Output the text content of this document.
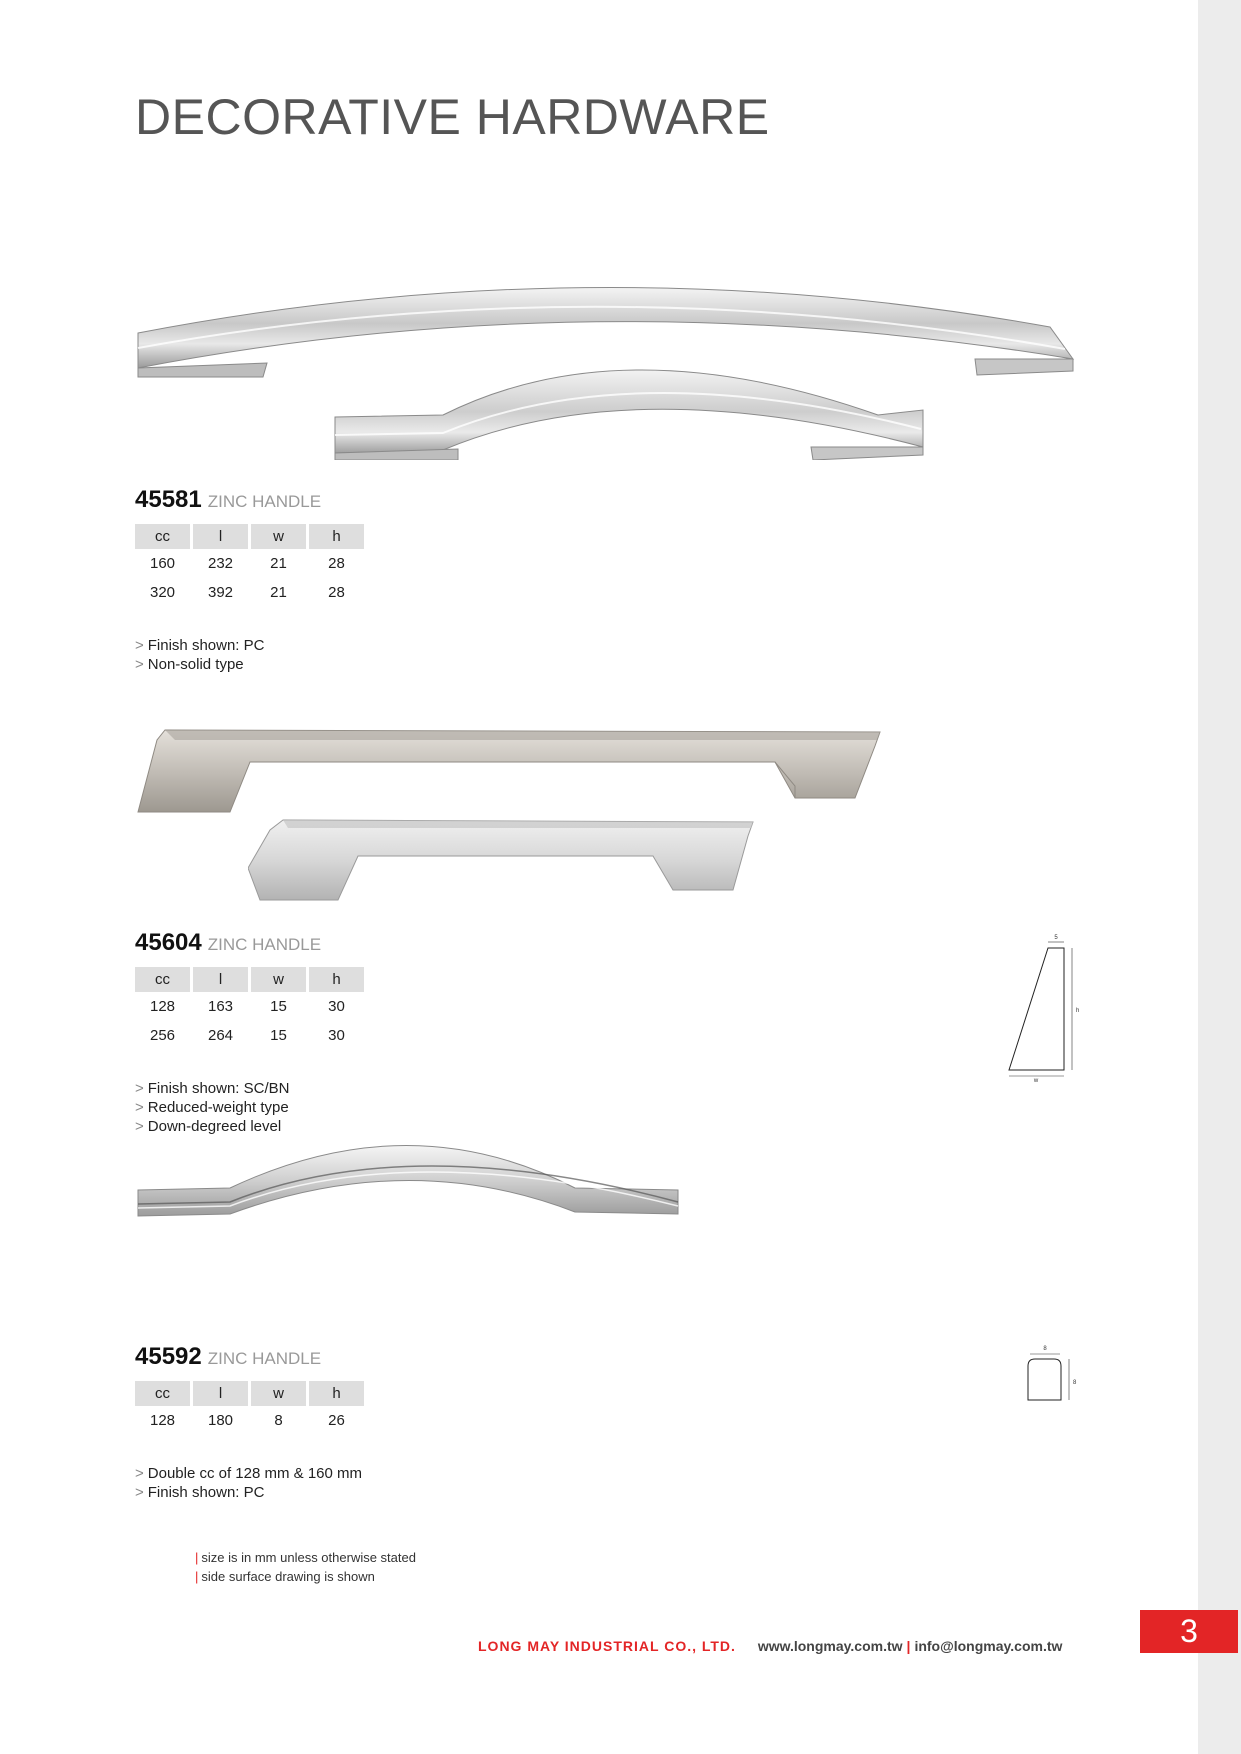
DECORATIVE HARDWARE
45581 ZINC HANDLE
cc	l	w	h
160	232	21	28
320	392	21	28
> Finish shown: PC
> Non-solid type
45604 ZINC HANDLE
cc	l	w	h
128	163	15	30
256	264	15	30
> Finish shown: SC/BN
> Reduced-weight type
> Down-degreed level
5
h
w
45592 ZINC HANDLE
cc	l	w	h
128	180	8	26
> Double cc of 128 mm & 160 mm
> Finish shown: PC
8
8
| size is in mm unless otherwise stated
| side surface drawing is shown
LONG MAY INDUSTRIAL CO., LTD. www.longmay.com.tw | info@longmay.com.tw	3
